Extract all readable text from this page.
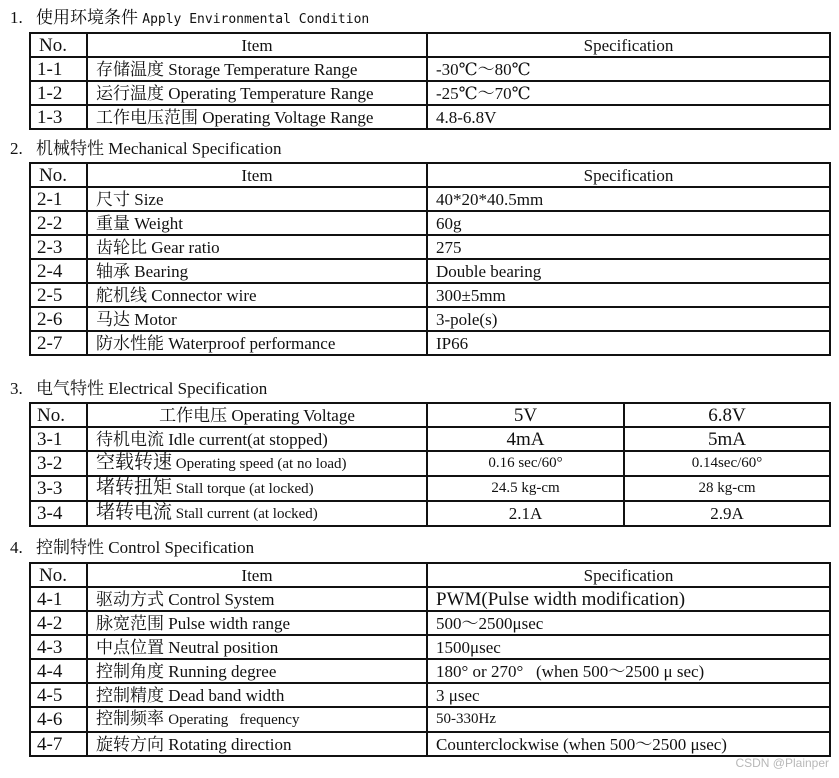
1. 使用环境条件 Apply Environmental Condition
No.	Item	Specification
1-1	存储温度 Storage Temperature Range	-30℃～80℃
1-2	运行温度 Operating Temperature Range	-25℃～70℃
1-3	工作电压范围 Operating Voltage Range	4.8-6.8V
2. 机械特性 Mechanical Specification
No.	Item	Specification
2-1	尺寸 Size	40*20*40.5mm
2-2	重量 Weight	60g
2-3	齿轮比 Gear ratio	275
2-4	轴承 Bearing	Double bearing
2-5	舵机线 Connector wire	300±5mm
2-6	马达 Motor	3-pole(s)
2-7	防水性能 Waterproof performance	IP66
3. 电气特性 Electrical Specification
No.	工作电压 Operating Voltage	5V	6.8V
3-1	待机电流 Idle current(at stopped)	4mA	5mA
3-2	空载转速 Operating speed (at no load)	0.16 sec/60°	0.14sec/60°
3-3	堵转扭矩 Stall torque (at locked)	24.5 kg-cm	28 kg-cm
3-4	堵转电流 Stall current (at locked)	2.1A	2.9A
4. 控制特性 Control Specification
No.	Item	Specification
4-1	驱动方式 Control System	PWM(Pulse width modification)
4-2	脉宽范围 Pulse width range	500～2500μsec
4-3	中点位置 Neutral position	1500μsec
4-4	控制角度 Running degree	180° or 270°   (when 500～2500 μ sec)
4-5	控制精度 Dead band width	3 μsec
4-6	控制频率 Operating   frequency	50-330Hz
4-7	旋转方向 Rotating direction	Counterclockwise (when 500～2500 μsec)
CSDN @Plainper
